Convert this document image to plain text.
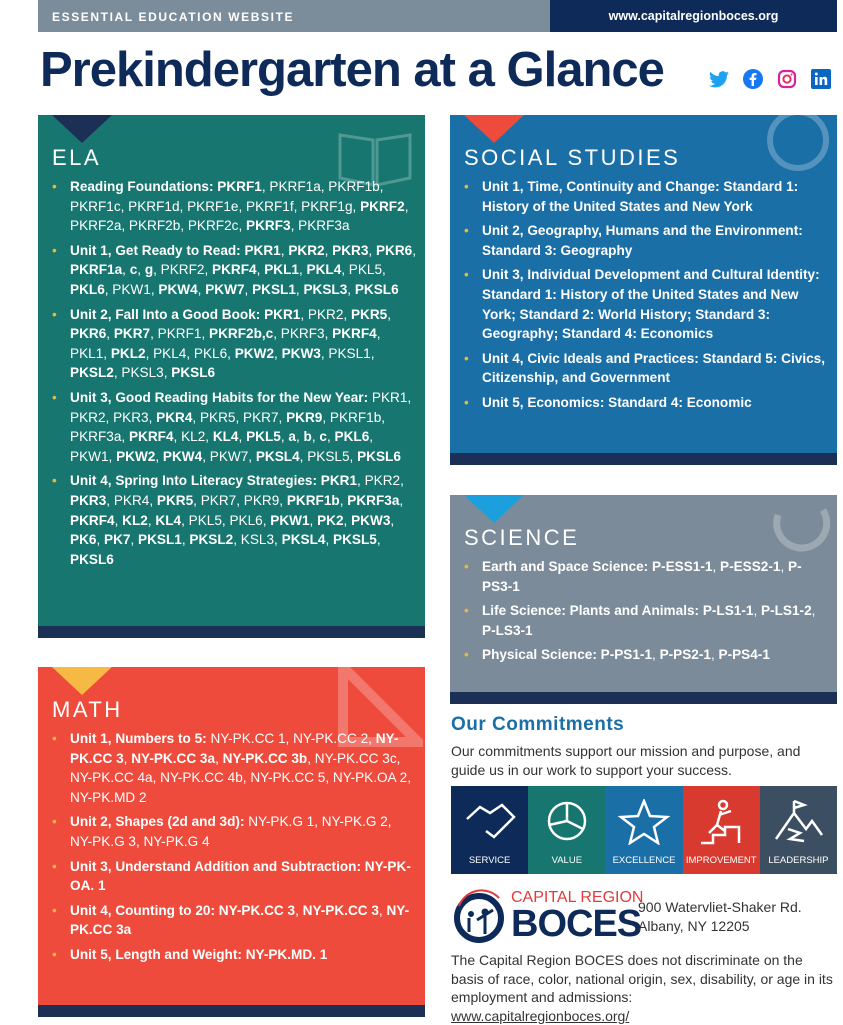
ESSENTIAL EDUCATION WEBSITE	www.capitalregionboces.org
Prekindergarten at a Glance
ELA
• Reading Foundations: PKRF1, PKRF1a, PKRF1b, PKRF1c, PKRF1d, PKRF1e, PKRF1f, PKRF1g, PKRF2, PKRF2a, PKRF2b, PKRF2c, PKRF3, PKRF3a
• Unit 1, Get Ready to Read: PKR1, PKR2, PKR3, PKR6, PKRF1a, c, g, PKRF2, PKRF4, PKL1, PKL4, PKL5, PKL6, PKW1, PKW4, PKW7, PKSL1, PKSL3, PKSL6
• Unit 2, Fall Into a Good Book: PKR1, PKR2, PKR5, PKR6, PKR7, PKRF1, PKRF2b,c, PKRF3, PKRF4, PKL1, PKL2, PKL4, PKL6, PKW2, PKW3, PKSL1, PKSL2, PKSL3, PKSL6
• Unit 3, Good Reading Habits for the New Year: PKR1, PKR2, PKR3, PKR4, PKR5, PKR7, PKR9, PKRF1b, PKRF3a, PKRF4, KL2, KL4, PKL5, a, b, c, PKL6, PKW1, PKW2, PKW4, PKW7, PKSL4, PKSL5, PKSL6
• Unit 4, Spring Into Literacy Strategies: PKR1, PKR2, PKR3, PKR4, PKR5, PKR7, PKR9, PKRF1b, PKRF3a, PKRF4, KL2, KL4, PKL5, PKL6, PKW1, PK2, PKW3, PK6, PK7, PKSL1, PKSL2, KSL3, PKSL4, PKSL5, PKSL6
MATH
• Unit 1, Numbers to 5: NY-PK.CC 1, NY-PK.CC 2, NY-PK.CC 3, NY-PK.CC 3a, NY-PK.CC 3b, NY-PK.CC 3c, NY-PK.CC 4a, NY-PK.CC 4b, NY-PK.CC 5, NY-PK.OA 2, NY-PK.MD 2
• Unit 2, Shapes (2d and 3d): NY-PK.G 1, NY-PK.G 2, NY-PK.G 3, NY-PK.G 4
• Unit 3, Understand Addition and Subtraction: NY-PK-OA. 1
• Unit 4, Counting to 20: NY-PK.CC 3, NY-PK.CC 3, NY-PK.CC 3a
• Unit 5, Length and Weight: NY-PK.MD. 1
SOCIAL STUDIES
• Unit 1, Time, Continuity and Change: Standard 1: History of the United States and New York
• Unit 2, Geography, Humans and the Environment: Standard 3: Geography
• Unit 3, Individual Development and Cultural Identity: Standard 1: History of the United States and New York; Standard 2: World History; Standard 3: Geography; Standard 4: Economics
• Unit 4, Civic Ideals and Practices: Standard 5: Civics, Citizenship, and Government
• Unit 5, Economics: Standard 4: Economic
SCIENCE
• Earth and Space Science: P-ESS1-1, P-ESS2-1, P-PS3-1
• Life Science: Plants and Animals: P-LS1-1, P-LS1-2, P-LS3-1
• Physical Science: P-PS1-1, P-PS2-1, P-PS4-1
Our Commitments
Our commitments support our mission and purpose, and guide us in our work to support your success.
SERVICE	VALUE	EXCELLENCE IMPROVEMENT LEADERSHIP
CAPITAL REGION
BOCES
900 Watervliet-Shaker Rd.
Albany, NY 12205
The Capital Region BOCES does not discriminate on the basis of race, color, national origin, sex, disability, or age in its employment and admissions:
www.capitalregionboces.org/
